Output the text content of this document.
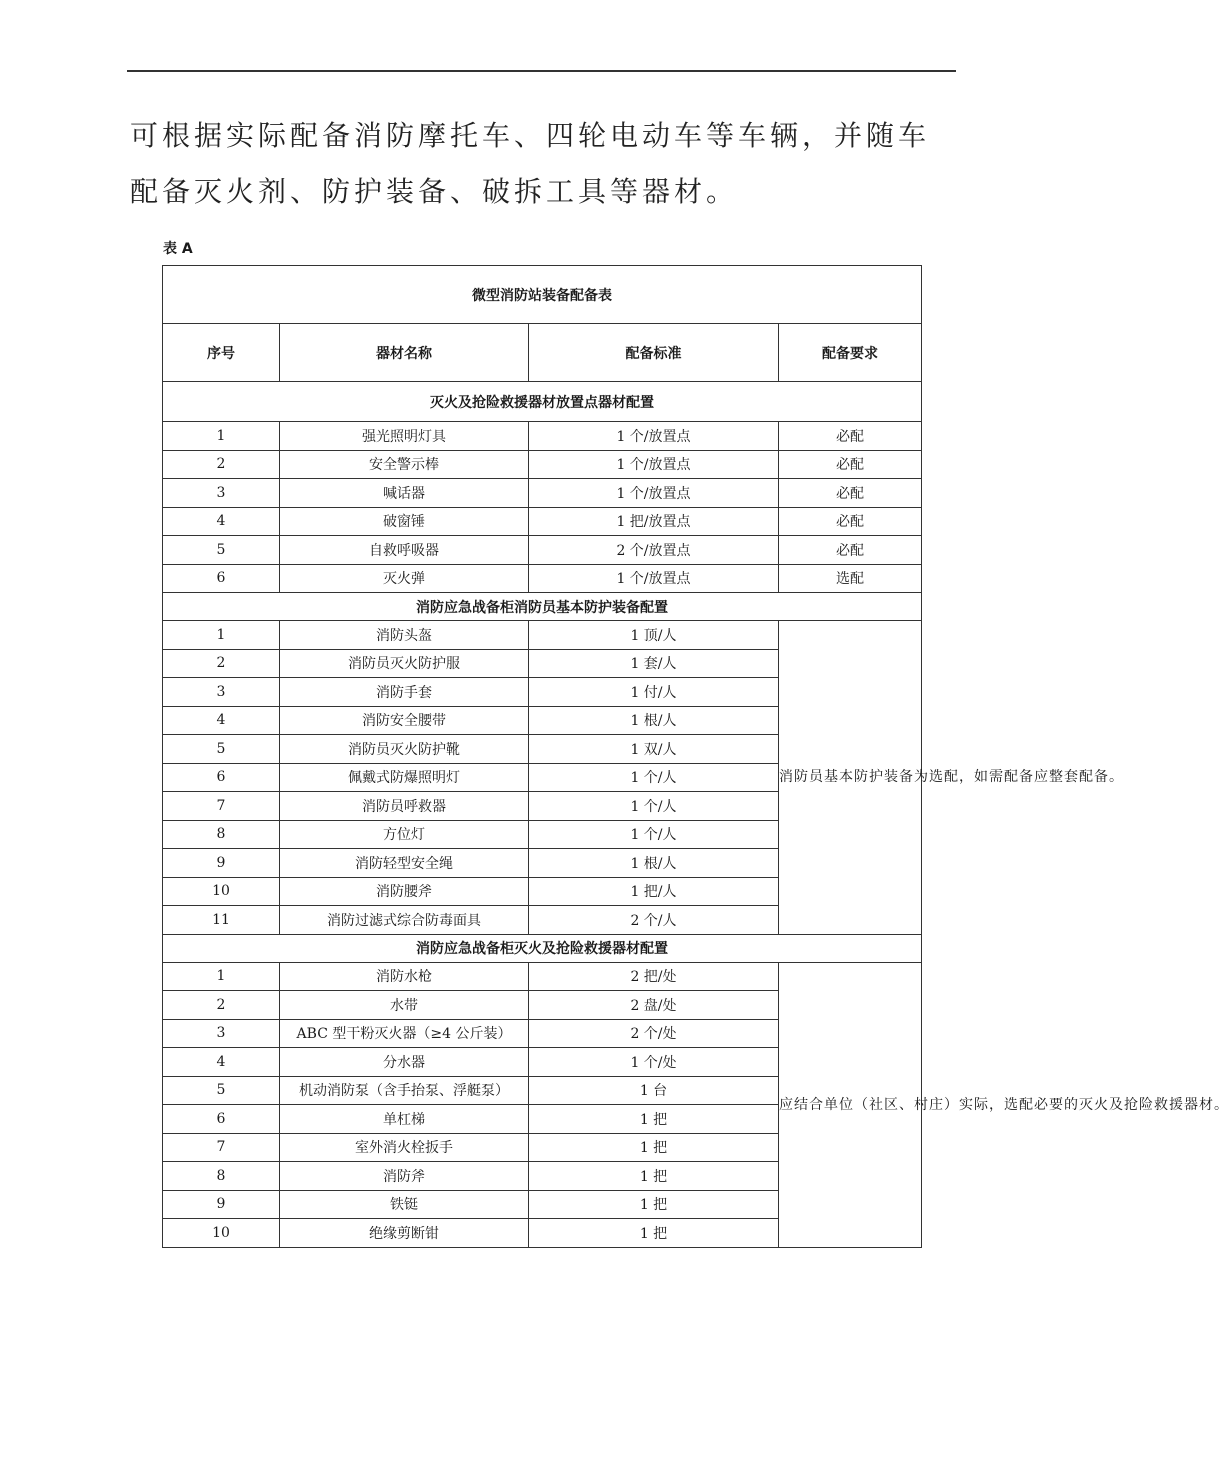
可根据实际配备消防摩托车、四轮电动车等车辆，并随车配备灭火剂、防护装备、破拆工具等器材。
表 A
微型消防站装备配备表			
序号	器材名称	配备标准	配备要求
灭火及抢险救援器材放置点器材配置			
1	强光照明灯具	1 个/放置点	必配
2	安全警示棒	1 个/放置点	必配
3	喊话器	1 个/放置点	必配
4	破窗锤	1 把/放置点	必配
5	自救呼吸器	2 个/放置点	必配
6	灭火弹	1 个/放置点	选配
消防应急战备柜消防员基本防护装备配置			
1	消防头盔	1 顶/人	消防员基本防护装备为选配，如需配备应整套配备。
2	消防员灭火防护服	1 套/人	
3	消防手套	1 付/人	
4	消防安全腰带	1 根/人	
5	消防员灭火防护靴	1 双/人	
6	佩戴式防爆照明灯	1 个/人	
7	消防员呼救器	1 个/人	
8	方位灯	1 个/人	
9	消防轻型安全绳	1 根/人	
10	消防腰斧	1 把/人	
11	消防过滤式综合防毒面具	2 个/人	
消防应急战备柜灭火及抢险救援器材配置			
1	消防水枪	2 把/处	应结合单位（社区、村庄）实际，选配必要的灭火及抢险救援器材。
2	水带	2 盘/处	
3	ABC 型干粉灭火器（≥4 公斤装）	2 个/处	
4	分水器	1 个/处	
5	机动消防泵（含手抬泵、浮艇泵）	1 台	
6	单杠梯	1 把	
7	室外消火栓扳手	1 把	
8	消防斧	1 把	
9	铁铤	1 把	
10	绝缘剪断钳	1 把	
